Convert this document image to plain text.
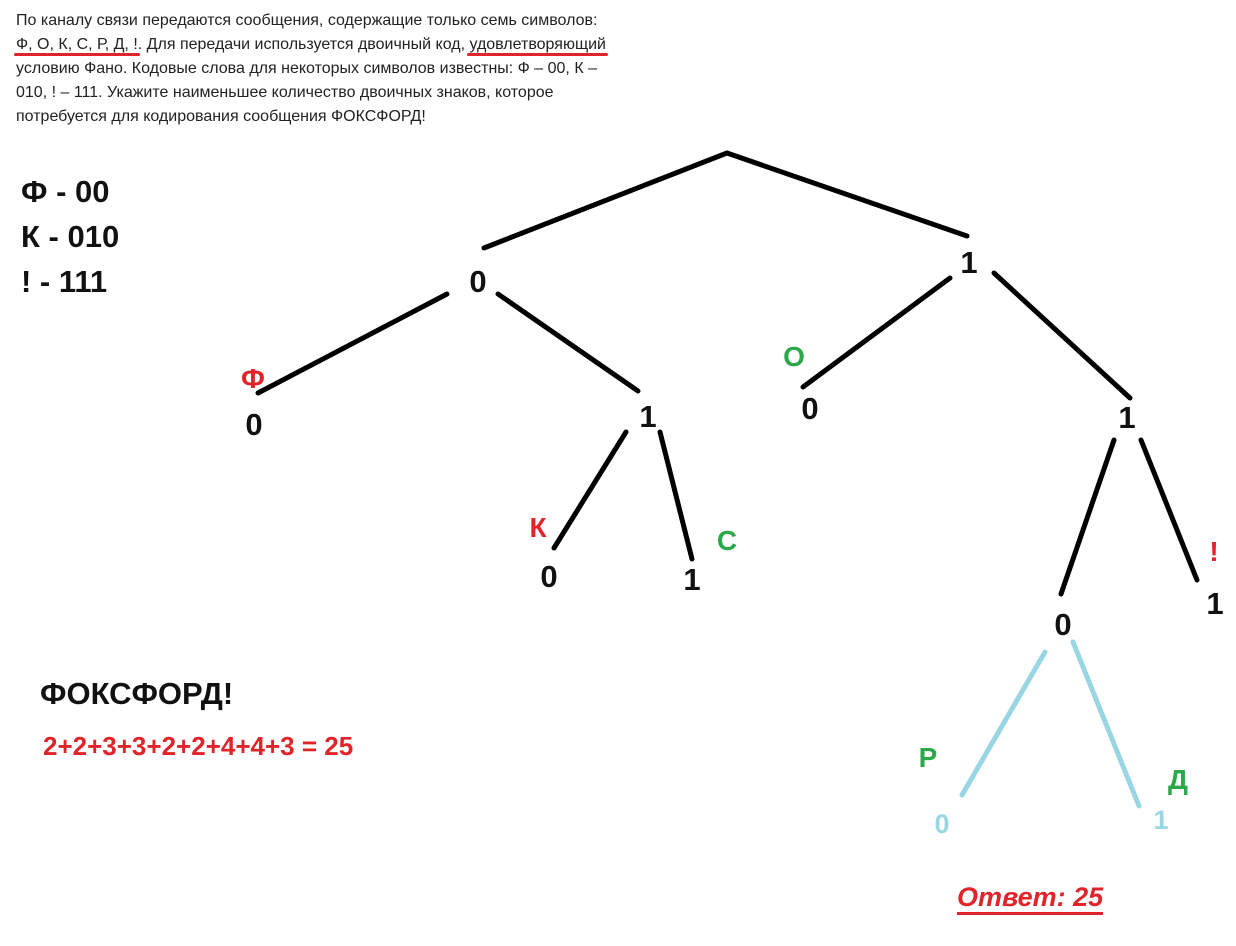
По каналу связи передаются сообщения, содержащие только семь символов: Ф, О, К, С, Р, Д, !. Для передачи используется двоичный код, удовлетворяющий условию Фано. Кодовые слова для некоторых символов известны: Ф – 00, К – 010, ! – 111. Укажите наименьшее количество двоичных знаков, которое потребуется для кодирования сообщения ФОКСФОРД!
Ф - 00
К - 010
! - 111
ФОКСФОРД!
2+2+3+3+2+2+4+4+3 = 25
Ответ: 25
0
1
0	1
0	1
0	1
0
1
0	1
Ф
К	С
О
Р
Д
!
